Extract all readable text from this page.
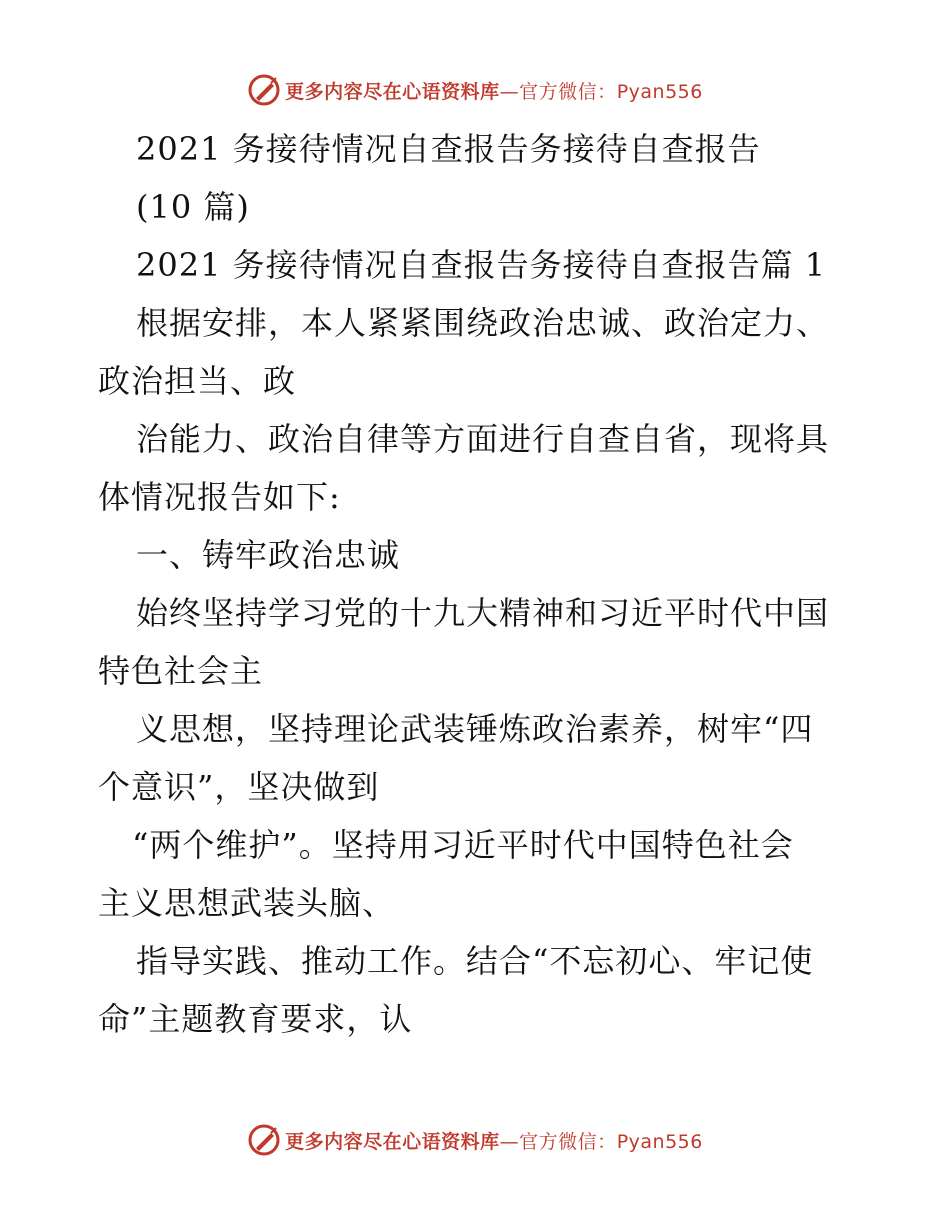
更多内容尽在心语资料库—官方微信：Pyan556
2021 务接待情况自查报告务接待自查报告
(10 篇)
2021 务接待情况自查报告务接待自查报告篇 1
根据安排，本人紧紧围绕政治忠诚、政治定力、
政治担当、政
治能力、政治自律等方面进行自查自省，现将具
体情况报告如下:
一、铸牢政治忠诚
始终坚持学习党的十九大精神和习近平时代中国
特色社会主
义思想，坚持理论武装锤炼政治素养，树牢“四
个意识”，坚决做到
“两个维护”。坚持用习近平时代中国特色社会
主义思想武装头脑、
指导实践、推动工作。结合“不忘初心、牢记使
命”主题教育要求，认
更多内容尽在心语资料库—官方微信：Pyan556
